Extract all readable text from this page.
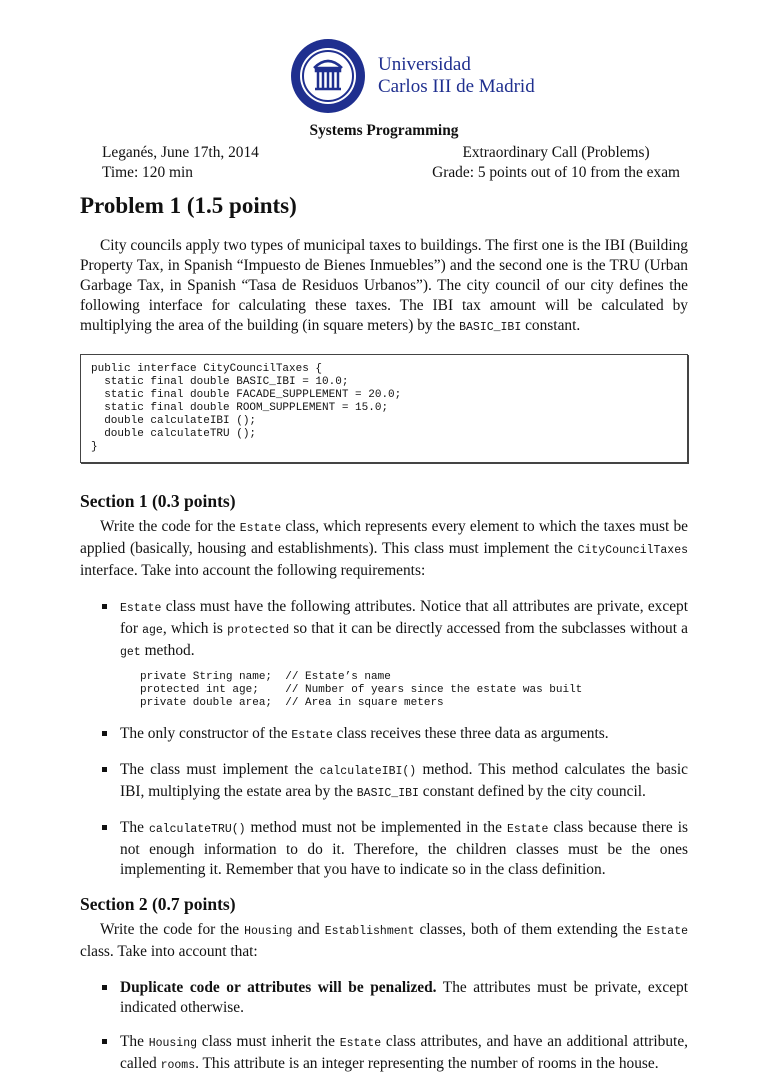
Universidad
Carlos III de Madrid
Systems Programming
Leganés, June 17th, 2014
Time: 120 min
Extraordinary Call (Problems)
Grade: 5 points out of 10 from the exam
Problem 1 (1.5 points)

City councils apply two types of municipal taxes to buildings. The first one is the IBI (Building Property Tax, in Spanish “Impuesto de Bienes Inmuebles”) and the second one is the TRU (Urban Garbage Tax, in Spanish “Tasa de Residuos Urbanos”). The city council of our city defines the following interface for calculating these taxes. The IBI tax amount will be calculated by multiplying the area of the building (in square meters) by the BASIC_IBI constant.

public interface CityCouncilTaxes {
static final double BASIC_IBI = 10.0;
static final double FACADE_SUPPLEMENT = 20.0;
static final double ROOM_SUPPLEMENT = 15.0;
double calculateIBI ();
double calculateTRU ();
}
Section 1 (0.3 points)

Write the code for the Estate class, which represents every element to which the taxes must be applied (basically, housing and establishments). This class must implement the CityCouncilTaxes interface. Take into account the following requirements:

Estate class must have the following attributes. Notice that all attributes are private, except for age, which is protected so that it can be directly accessed from the subclasses without a get method.
private String name;  // Estate’s name
protected int age;    // Number of years since the estate was built
private double area;  // Area in square meters
The only constructor of the Estate class receives these three data as arguments.
The class must implement the calculateIBI() method. This method calculates the basic IBI, multiplying the estate area by the BASIC_IBI constant defined by the city council.
The calculateTRU() method must not be implemented in the Estate class because there is not enough information to do it. Therefore, the children classes must be the ones implementing it. Remember that you have to indicate so in the class definition.
Section 2 (0.7 points)

Write the code for the Housing and Establishment classes, both of them extending the Estate class. Take into account that:

Duplicate code or attributes will be penalized. The attributes must be private, except indicated otherwise.
The Housing class must inherit the Estate class attributes, and have an additional attribute, called rooms. This attribute is an integer representing the number of rooms in the house.
